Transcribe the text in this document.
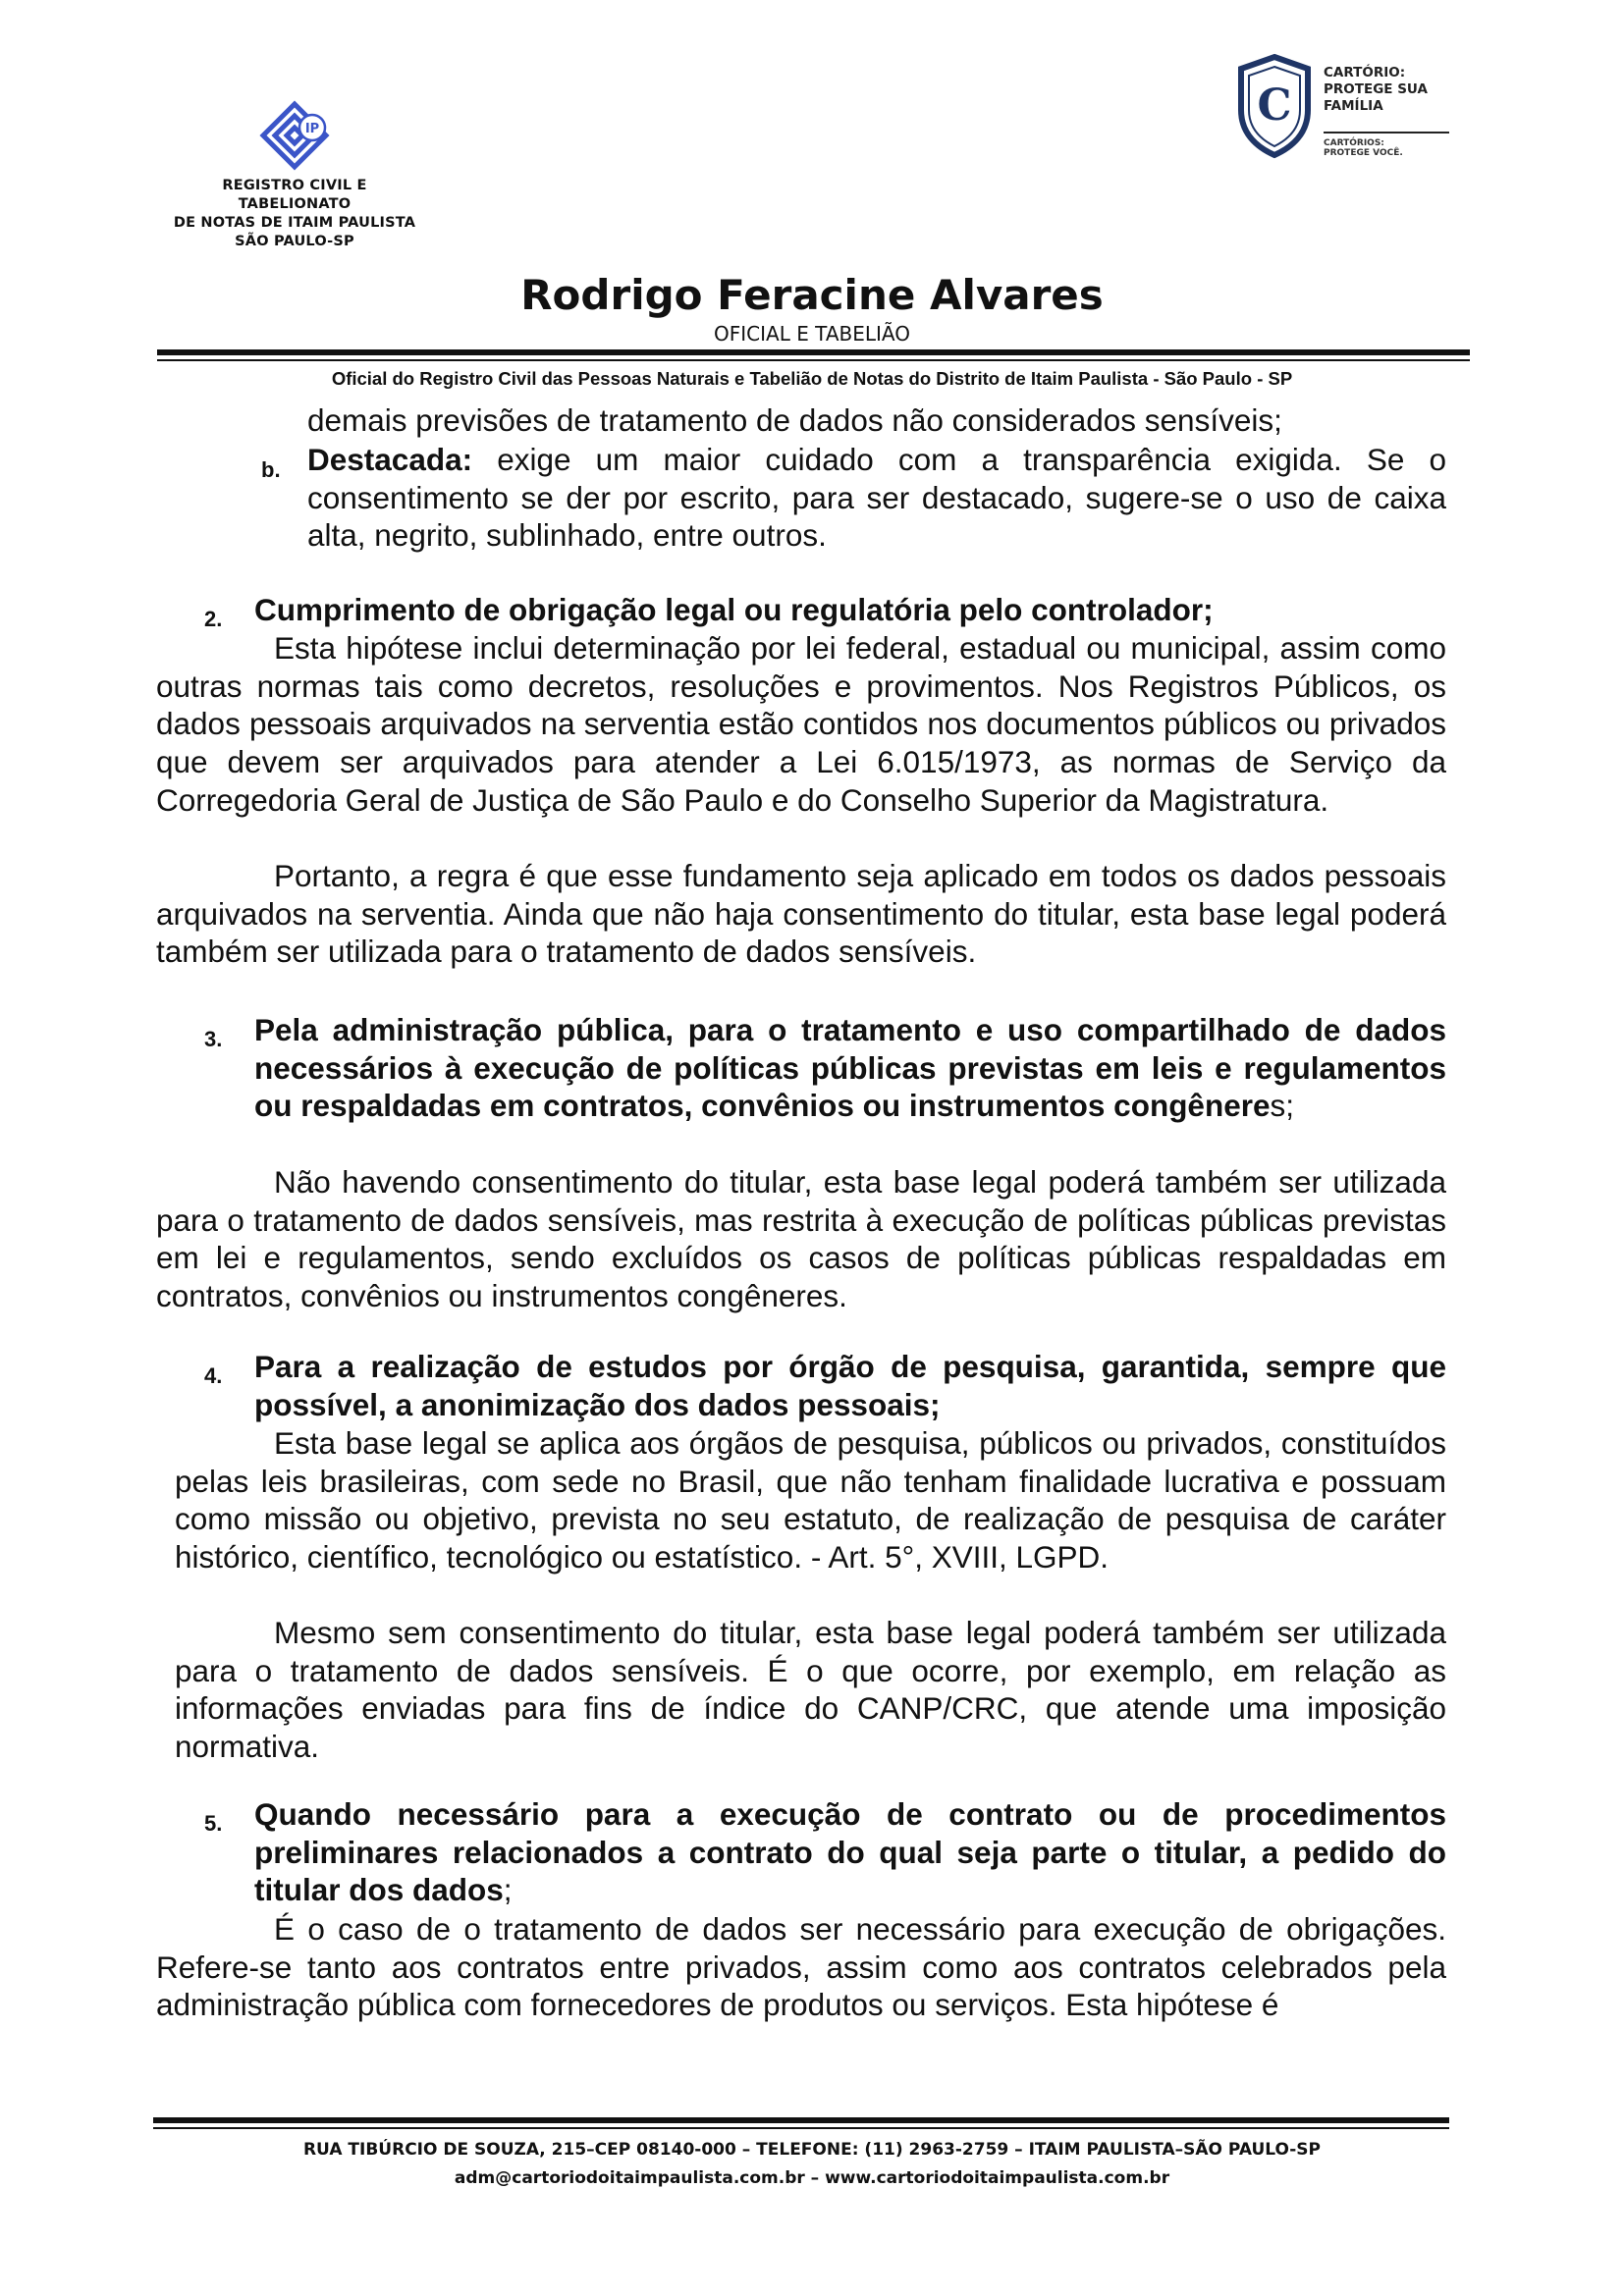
IP
REGISTRO CIVIL E TABELIONATO
DE NOTAS DE ITAIM PAULISTA
SÃO PAULO-SP
C
CARTÓRIO:
PROTEGE SUA
FAMÍLIA
CARTÓRIOS:
PROTEGE VOCÊ.
Rodrigo Feracine Alvares
OFICIAL E TABELIÃO
Oficial do Registro Civil das Pessoas Naturais e Tabelião de Notas do Distrito de Itaim Paulista - São Paulo - SP
demais previsões de tratamento de dados não considerados sensíveis;
b. Destacada: exige um maior cuidado com a transparência exigida. Se o consentimento se der por escrito, para ser destacado, sugere-se o uso de caixa alta, negrito, sublinhado, entre outros.
2. Cumprimento de obrigação legal ou regulatória pelo controlador;
Esta hipótese inclui determinação por lei federal, estadual ou municipal, assim como outras normas tais como decretos, resoluções e provimentos. Nos Registros Públicos, os dados pessoais arquivados na serventia estão contidos nos documentos públicos ou privados que devem ser arquivados para atender a Lei 6.015/1973, as normas de Serviço da Corregedoria Geral de Justiça de São Paulo e do Conselho Superior da Magistratura.
Portanto, a regra é que esse fundamento seja aplicado em todos os dados pessoais arquivados na serventia. Ainda que não haja consentimento do titular, esta base legal poderá também ser utilizada para o tratamento de dados sensíveis.
3. Pela administração pública, para o tratamento e uso compartilhado de dados necessários à execução de políticas públicas previstas em leis e regulamentos ou respaldadas em contratos, convênios ou instrumentos congêneres;
Não havendo consentimento do titular, esta base legal poderá também ser utilizada para o tratamento de dados sensíveis, mas restrita à execução de políticas públicas previstas em lei e regulamentos, sendo excluídos os casos de políticas públicas respaldadas em contratos, convênios ou instrumentos congêneres.
4. Para a realização de estudos por órgão de pesquisa, garantida, sempre que possível, a anonimização dos dados pessoais;
Esta base legal se aplica aos órgãos de pesquisa, públicos ou privados, constituídos pelas leis brasileiras, com sede no Brasil, que não tenham finalidade lucrativa e possuam como missão ou objetivo, prevista no seu estatuto, de realização de pesquisa de caráter histórico, científico, tecnológico ou estatístico. - Art. 5°, XVIII, LGPD.
Mesmo sem consentimento do titular, esta base legal poderá também ser utilizada para o tratamento de dados sensíveis. É o que ocorre, por exemplo, em relação as informações enviadas para fins de índice do CANP/CRC, que atende uma imposição normativa.
5. Quando necessário para a execução de contrato ou de procedimentos preliminares relacionados a contrato do qual seja parte o titular, a pedido do titular dos dados;
É o caso de o tratamento de dados ser necessário para execução de obrigações. Refere-se tanto aos contratos entre privados, assim como aos contratos celebrados pela administração pública com fornecedores de produtos ou serviços. Esta hipótese é
RUA TIBÚRCIO DE SOUZA, 215–CEP 08140-000 – TELEFONE: (11) 2963-2759 – ITAIM PAULISTA–SÃO PAULO-SP
adm@cartoriodoitaimpaulista.com.br – www.cartoriodoitaimpaulista.com.br
